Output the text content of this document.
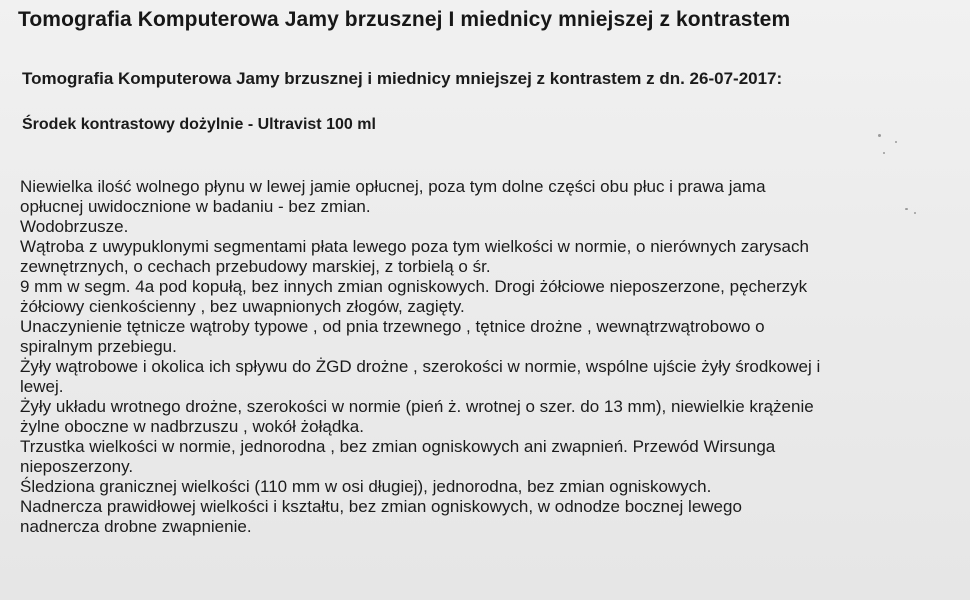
Tomografia Komputerowa Jamy brzusznej I miednicy mniejszej z kontrastem
Tomografia Komputerowa Jamy brzusznej i miednicy mniejszej z kontrastem z dn. 26-07-2017:
Środek kontrastowy dożylnie - Ultravist 100 ml
Niewielka ilość wolnego płynu w lewej jamie opłucnej, poza tym dolne części obu płuc i prawa jama
opłucnej uwidocznione w badaniu - bez zmian.
Wodobrzusze.
Wątroba z uwypuklonymi segmentami płata lewego poza tym wielkości w normie, o nierównych zarysach
zewnętrznych, o cechach przebudowy marskiej, z torbielą o śr.
9 mm w segm. 4a pod kopułą, bez innych zmian ogniskowych. Drogi żółciowe nieposzerzone, pęcherzyk
żółciowy cienkościenny , bez uwapnionych złogów, zagięty.
Unaczynienie tętnicze wątroby typowe , od pnia trzewnego , tętnice drożne , wewnątrzwątrobowo o
spiralnym przebiegu.
Żyły wątrobowe i okolica ich spływu do ŻGD drożne , szerokości w normie, wspólne ujście żyły środkowej i
lewej.
Żyły układu wrotnego drożne, szerokości w normie (pień ż. wrotnej o szer. do 13 mm), niewielkie krążenie
żylne oboczne w nadbrzuszu , wokół żołądka.
Trzustka wielkości w normie, jednorodna , bez zmian ogniskowych ani zwapnień. Przewód Wirsunga
nieposzerzony.
Śledziona granicznej wielkości (110 mm w osi długiej), jednorodna, bez zmian ogniskowych.
Nadnercza prawidłowej wielkości i kształtu, bez zmian ogniskowych, w odnodze bocznej lewego
nadnercza drobne zwapnienie.
